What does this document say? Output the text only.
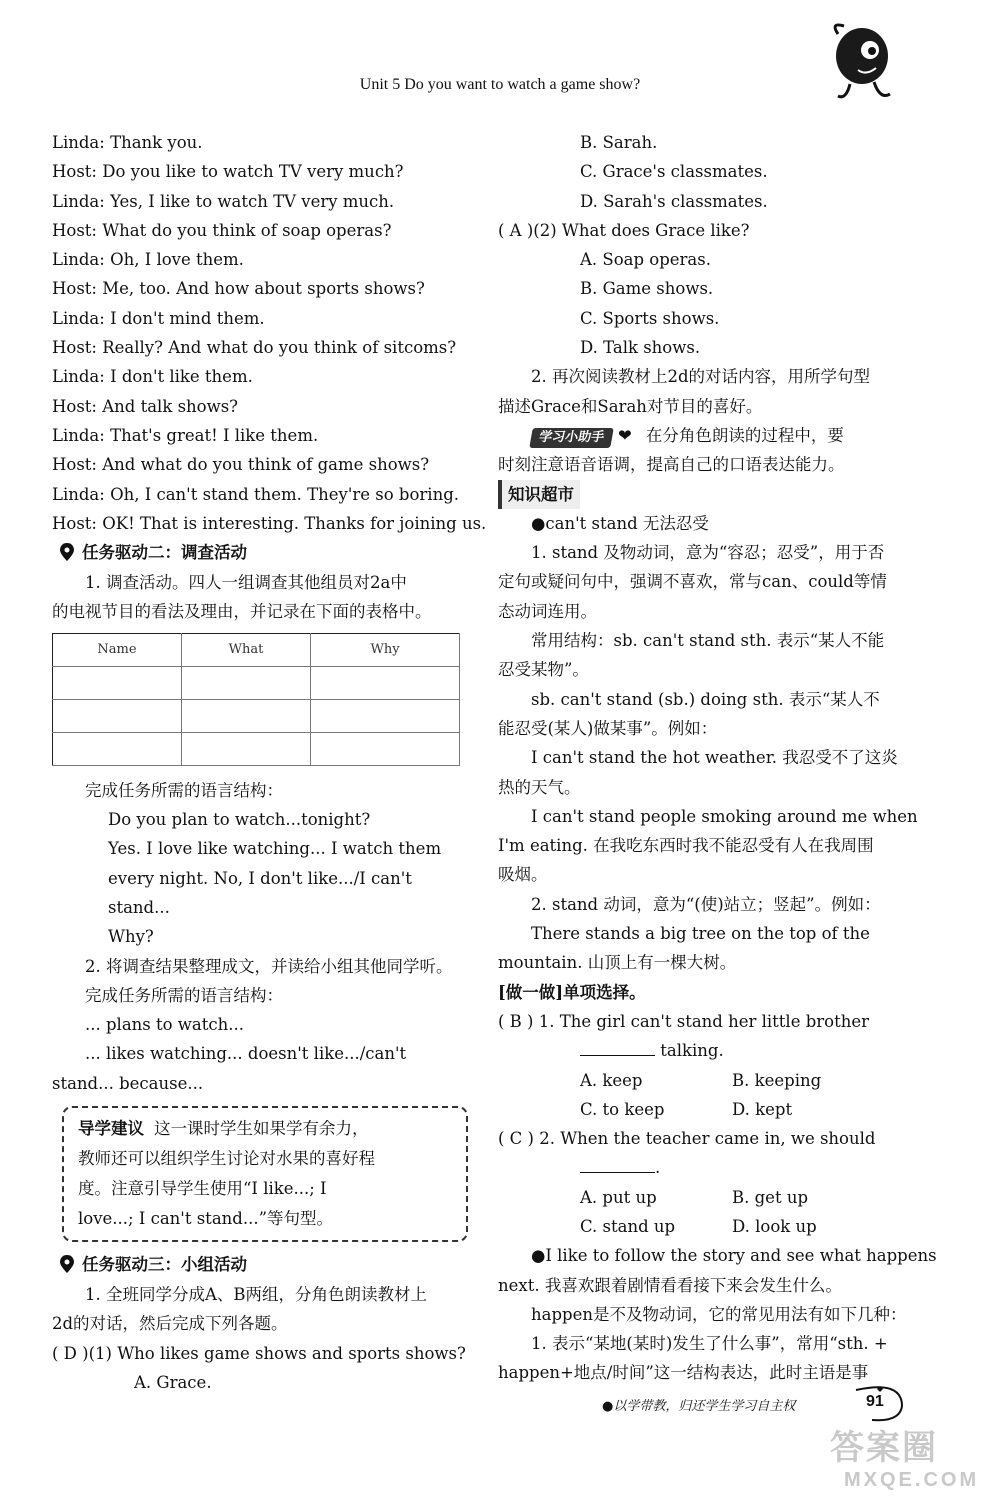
Unit 5 Do you want to watch a game show?
Linda: Thank you.
Host: Do you like to watch TV very much?
Linda: Yes, I like to watch TV very much.
Host: What do you think of soap operas?
Linda: Oh, I love them.
Host: Me, too. And how about sports shows?
Linda: I don't mind them.
Host: Really? And what do you think of sitcoms?
Linda: I don't like them.
Host: And talk shows?
Linda: That's great! I like them.
Host: And what do you think of game shows?
Linda: Oh, I can't stand them. They're so boring.
Host: OK! That is interesting. Thanks for joining us.
任务驱动二：调查活动
1. 调查活动。四人一组调查其他组员对2a中
的电视节目的看法及理由，并记录在下面的表格中。
Name	What	Why

完成任务所需的语言结构：
Do you plan to watch...tonight?
Yes. I love like watching... I watch them
every night. No, I don't like.../I can't
stand...
Why?
2. 将调查结果整理成文，并读给小组其他同学听。
完成任务所需的语言结构：
... plans to watch...
... likes watching... doesn't like.../can't
stand... because...
导学建议 这一课时学生如果学有余力，
教师还可以组织学生讨论对水果的喜好程
度。注意引导学生使用“I like...; I
love...; I can't stand...”等句型。
任务驱动三：小组活动
1. 全班同学分成A、B两组，分角色朗读教材上
2d的对话，然后完成下列各题。
( D )(1) Who likes game shows and sports shows?
A. Grace.
B. Sarah.
C. Grace's classmates.
D. Sarah's classmates.
( A )(2) What does Grace like?
A. Soap operas.
B. Game shows.
C. Sports shows.
D. Talk shows.
2. 再次阅读教材上2d的对话内容，用所学句型
描述Grace和Sarah对节目的喜好。
学习小助手 ❤ 在分角色朗读的过程中，要
时刻注意语音语调，提高自己的口语表达能力。
知识超市
●can't stand 无法忍受
1. stand 及物动词，意为“容忍；忍受”，用于否
定句或疑问句中，强调不喜欢，常与can、could等情
态动词连用。
常用结构：sb. can't stand sth. 表示“某人不能
忍受某物”。
sb. can't stand (sb.) doing sth. 表示“某人不
能忍受(某人)做某事”。例如：
I can't stand the hot weather. 我忍受不了这炎
热的天气。
I can't stand people smoking around me when
I'm eating. 在我吃东西时我不能忍受有人在我周围
吸烟。
2. stand 动词，意为“(使)站立；竖起”。例如：
There stands a big tree on the top of the
mountain. 山顶上有一棵大树。
[做一做]单项选择。
( B ) 1. The girl can't stand her little brother
talking.
A. keep	B. keeping
C. to keep	D. kept
( C ) 2. When the teacher came in, we should
.
A. put up	B. get up
C. stand up	D. look up
●I like to follow the story and see what happens
next. 我喜欢跟着剧情看看接下来会发生什么。
happen是不及物动词，它的常见用法有如下几种：
1. 表示“某地(某时)发生了什么事”，常用“sth. +
happen+地点/时间”这一结构表达，此时主语是事
●以学带教，归还学生学习自主权	91
答案圈
MXQE.COM
